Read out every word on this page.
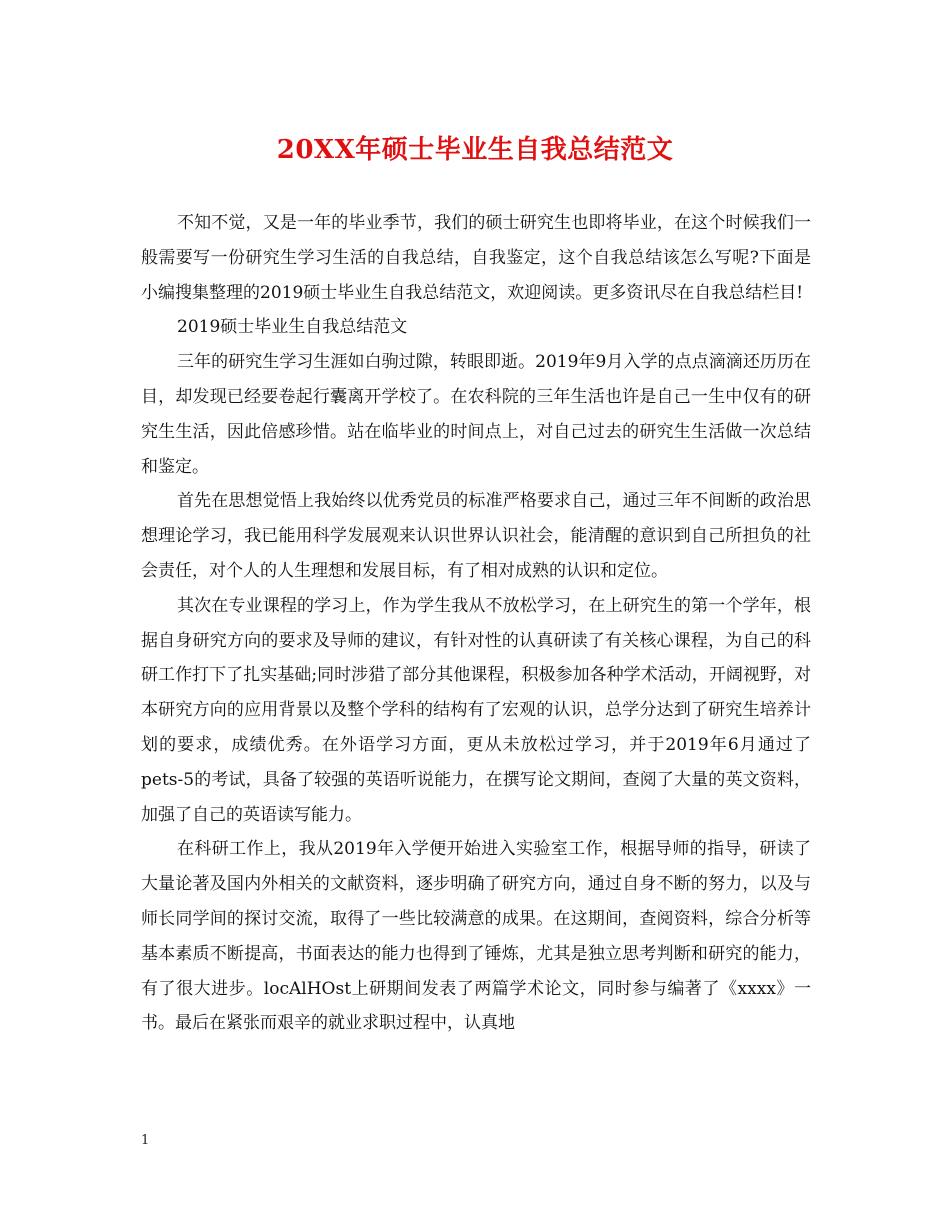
20XX年硕士毕业生自我总结范文

不知不觉，又是一年的毕业季节，我们的硕士研究生也即将毕业，在这个时候我们一般需要写一份研究生学习生活的自我总结，自我鉴定，这个自我总结该怎么写呢?下面是小编搜集整理的2019硕士毕业生自我总结范文，欢迎阅读。更多资讯尽在自我总结栏目!

2019硕士毕业生自我总结范文

三年的研究生学习生涯如白驹过隙，转眼即逝。2019年9月入学的点点滴滴还历历在目，却发现已经要卷起行囊离开学校了。在农科院的三年生活也许是自己一生中仅有的研究生生活，因此倍感珍惜。站在临毕业的时间点上，对自己过去的研究生生活做一次总结和鉴定。

首先在思想觉悟上我始终以优秀党员的标准严格要求自己，通过三年不间断的政治思想理论学习，我已能用科学发展观来认识世界认识社会，能清醒的意识到自己所担负的社会责任，对个人的人生理想和发展目标，有了相对成熟的认识和定位。

其次在专业课程的学习上，作为学生我从不放松学习，在上研究生的第一个学年，根据自身研究方向的要求及导师的建议，有针对性的认真研读了有关核心课程，为自己的科研工作打下了扎实基础;同时涉猎了部分其他课程，积极参加各种学术活动，开阔视野，对本研究方向的应用背景以及整个学科的结构有了宏观的认识，总学分达到了研究生培养计划的要求，成绩优秀。在外语学习方面，更从未放松过学习，并于2019年6月通过了pets-5的考试，具备了较强的英语听说能力，在撰写论文期间，查阅了大量的英文资料，加强了自己的英语读写能力。

在科研工作上，我从2019年入学便开始进入实验室工作，根据导师的指导，研读了大量论著及国内外相关的文献资料，逐步明确了研究方向，通过自身不断的努力，以及与师长同学间的探讨交流，取得了一些比较满意的成果。在这期间，查阅资料，综合分析等基本素质不断提高，书面表达的能力也得到了锤炼，尤其是独立思考判断和研究的能力，有了很大进步。locAlHOst上研期间发表了两篇学术论文，同时参与编著了《xxxx》一书。最后在紧张而艰辛的就业求职过程中，认真地

1
